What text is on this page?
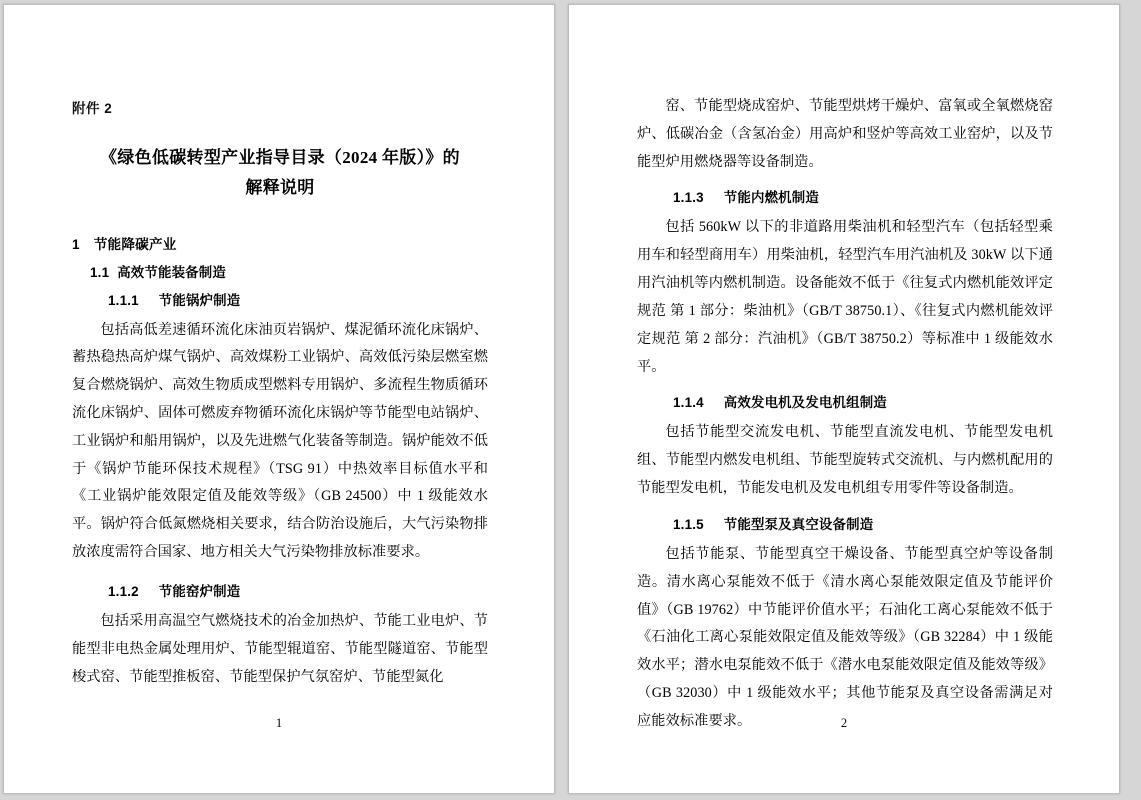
附件 2
《绿色低碳转型产业指导目录（2024 年版）》的
解释说明
1 节能降碳产业
1.1 高效节能装备制造
1.1.1 节能锅炉制造

包括高低差速循环流化床油页岩锅炉、煤泥循环流化床锅炉、蓄热稳热高炉煤气锅炉、高效煤粉工业锅炉、高效低污染层燃室燃复合燃烧锅炉、高效生物质成型燃料专用锅炉、多流程生物质循环流化床锅炉、固体可燃废弃物循环流化床锅炉等节能型电站锅炉、工业锅炉和船用锅炉，以及先进燃气化装备等制造。锅炉能效不低于《锅炉节能环保技术规程》（TSG 91）中热效率目标值水平和《工业锅炉能效限定值及能效等级》（GB 24500）中 1 级能效水平。锅炉符合低氮燃烧相关要求，结合防治设施后，大气污染物排放浓度需符合国家、地方相关大气污染物排放标准要求。

1.1.2 节能窑炉制造

包括采用高温空气燃烧技术的冶金加热炉、节能工业电炉、节能型非电热金属处理用炉、节能型辊道窑、节能型隧道窑、节能型梭式窑、节能型推板窑、节能型保护气氛窑炉、节能型氮化

1

窑、节能型烧成窑炉、节能型烘烤干燥炉、富氧或全氧燃烧窑炉、低碳冶金（含氢冶金）用高炉和竖炉等高效工业窑炉，以及节能型炉用燃烧器等设备制造。

1.1.3 节能内燃机制造

包括 560kW 以下的非道路用柴油机和轻型汽车（包括轻型乘用车和轻型商用车）用柴油机，轻型汽车用汽油机及 30kW 以下通用汽油机等内燃机制造。设备能效不低于《往复式内燃机能效评定规范 第 1 部分：柴油机》（GB/T 38750.1）、《往复式内燃机能效评定规范 第 2 部分：汽油机》（GB/T 38750.2）等标准中 1 级能效水平。

1.1.4 高效发电机及发电机组制造

包括节能型交流发电机、节能型直流发电机、节能型发电机组、节能型内燃发电机组、节能型旋转式交流机、与内燃机配用的节能型发电机，节能发电机及发电机组专用零件等设备制造。

1.1.5 节能型泵及真空设备制造

包括节能泵、节能型真空干燥设备、节能型真空炉等设备制造。清水离心泵能效不低于《清水离心泵能效限定值及节能评价值》（GB 19762）中节能评价值水平；石油化工离心泵能效不低于《石油化工离心泵能效限定值及能效等级》（GB 32284）中 1 级能效水平；潜水电泵能效不低于《潜水电泵能效限定值及能效等级》（GB 32030）中 1 级能效水平；其他节能泵及真空设备需满足对应能效标准要求。	2
